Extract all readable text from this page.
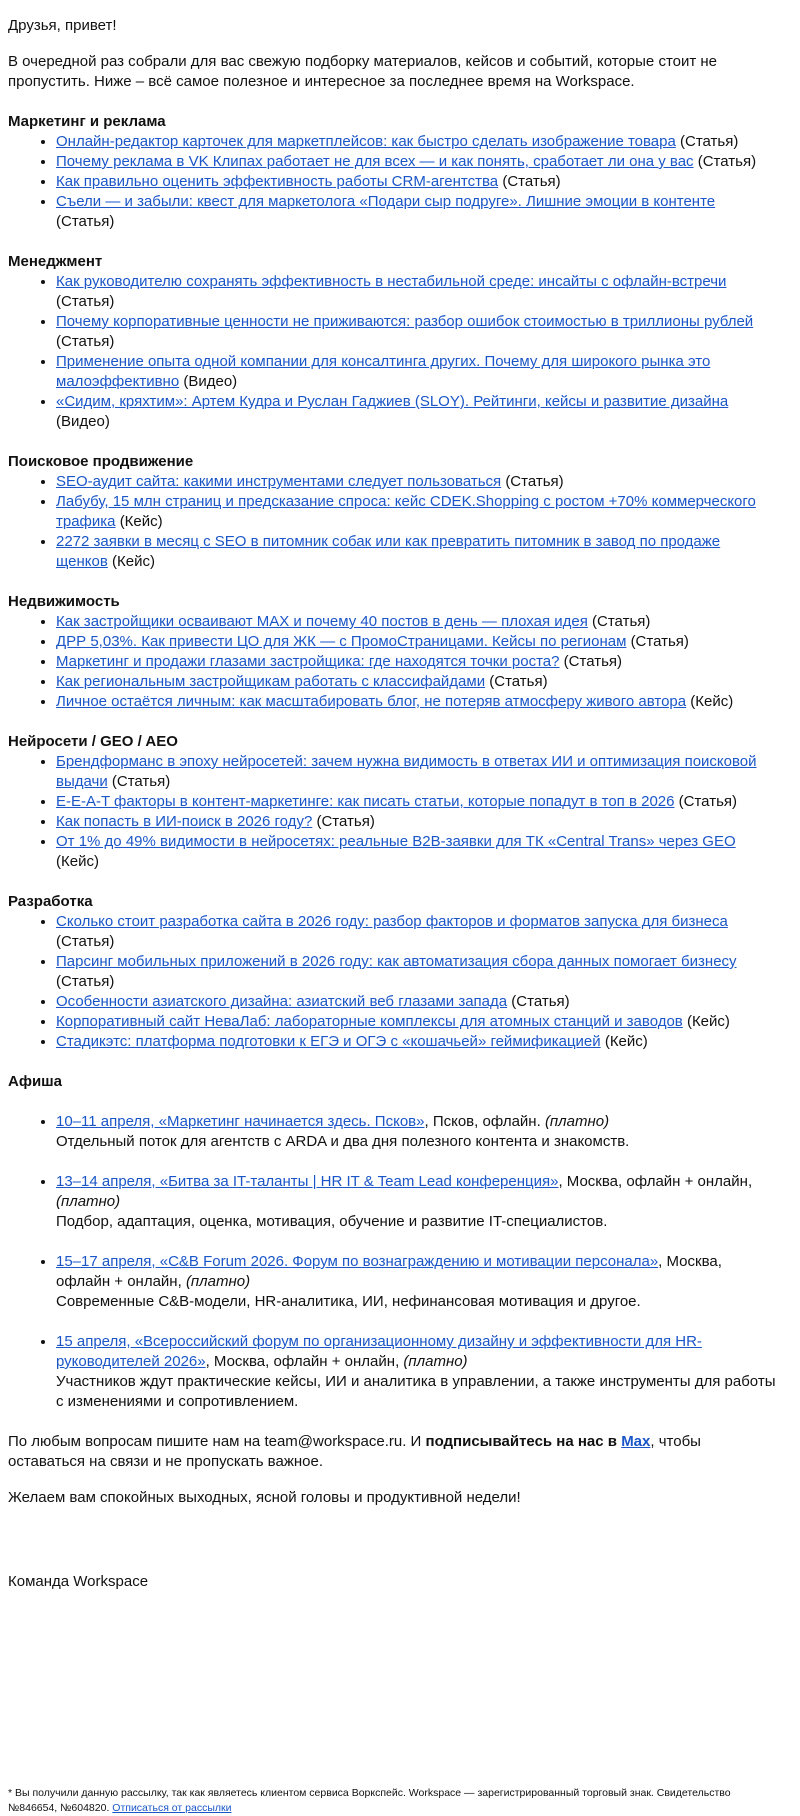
Друзья, привет!

В очередной раз собрали для вас свежую подборку материалов, кейсов и событий, которые стоит не пропустить. Ниже – всё самое полезное и интересное за последнее время на Workspace.

Маркетинг и реклама

• Онлайн-редактор карточек для маркетплейсов: как быстро сделать изображение товара (Статья)
• Почему реклама в VK Клипах работает не для всех — и как понять, сработает ли она у вас (Статья)
• Как правильно оценить эффективность работы CRM-агентства (Статья)
• Съели — и забыли: квест для маркетолога «Подари сыр подруге». Лишние эмоции в контенте (Статья)

Менеджмент

• Как руководителю сохранять эффективность в нестабильной среде: инсайты с офлайн-встречи (Статья)
• Почему корпоративные ценности не приживаются: разбор ошибок стоимостью в триллионы рублей (Статья)
• Применение опыта одной компании для консалтинга других. Почему для широкого рынка это малоэффективно (Видео)
• «Сидим, кряхтим»: Артем Кудра и Руслан Гаджиев (SLOY). Рейтинги, кейсы и развитие дизайна (Видео)

Поисковое продвижение

• SEO-аудит сайта: какими инструментами следует пользоваться (Статья)
• Лабубу, 15 млн страниц и предсказание спроса: кейс CDEK.Shopping с ростом +70% коммерческого трафика (Кейс)
• 2272 заявки в месяц с SEO в питомник собак или как превратить питомник в завод по продаже щенков (Кейс)

Недвижимость

• Как застройщики осваивают MAX и почему 40 постов в день — плохая идея (Статья)
• ДРР 5,03%. Как привести ЦО для ЖК — с ПромоСтраницами. Кейсы по регионам (Статья)
• Маркетинг и продажи глазами застройщика: где находятся точки роста? (Статья)
• Как региональным застройщикам работать с классифайдами (Статья)
• Личное остаётся личным: как масштабировать блог, не потеряв атмосферу живого автора (Кейс)

Нейросети / GEO / AEO

• Брендформанс в эпоху нейросетей: зачем нужна видимость в ответах ИИ и оптимизация поисковой выдачи (Статья)
• E-E-A-T факторы в контент-маркетинге: как писать статьи, которые попадут в топ в 2026 (Статья)
• Как попасть в ИИ-поиск в 2026 году? (Статья)
• От 1% до 49% видимости в нейросетях: реальные B2B-заявки для ТК «Central Trans» через GEO (Кейс)

Разработка

• Сколько стоит разработка сайта в 2026 году: разбор факторов и форматов запуска для бизнеса (Статья)
• Парсинг мобильных приложений в 2026 году: как автоматизация сбора данных помогает бизнесу (Статья)
• Особенности азиатского дизайна: азиатский веб глазами запада (Статья)
• Корпоративный сайт НеваЛаб: лабораторные комплексы для атомных станций и заводов (Кейс)
• Стадикэтс: платформа подготовки к ЕГЭ и ОГЭ с «кошачьей» геймификацией (Кейс)

Афиша

• 10–11 апреля, «Маркетинг начинается здесь. Псков», Псков, офлайн. (платно)
Отдельный поток для агентств с ARDA и два дня полезного контента и знакомств.
• 13–14 апреля, «Битва за IT-таланты | HR IT & Team Lead конференция», Москва, офлайн + онлайн, (платно)
Подбор, адаптация, оценка, мотивация, обучение и развитие IT-специалистов.
• 15–17 апреля, «C&B Forum 2026. Форум по вознаграждению и мотивации персонала», Москва, офлайн + онлайн, (платно)
Современные C&B-модели, HR-аналитика, ИИ, нефинансовая мотивация и другое.
• 15 апреля, «Всероссийский форум по организационному дизайну и эффективности для HR-руководителей 2026», Москва, офлайн + онлайн, (платно)
Участников ждут практические кейсы, ИИ и аналитика в управлении, а также инструменты для работы с изменениями и сопротивлением.

По любым вопросам пишите нам на team@workspace.ru. И подписывайтесь на нас в Max, чтобы оставаться на связи и не пропускать важное.

Желаем вам спокойных выходных, ясной головы и продуктивной недели!

Команда Workspace

* Вы получили данную рассылку, так как являетесь клиентом сервиса Воркспейс. Workspace — зарегистрированный торговый знак. Свидетельство №846654, №604820. Отписаться от рассылки
